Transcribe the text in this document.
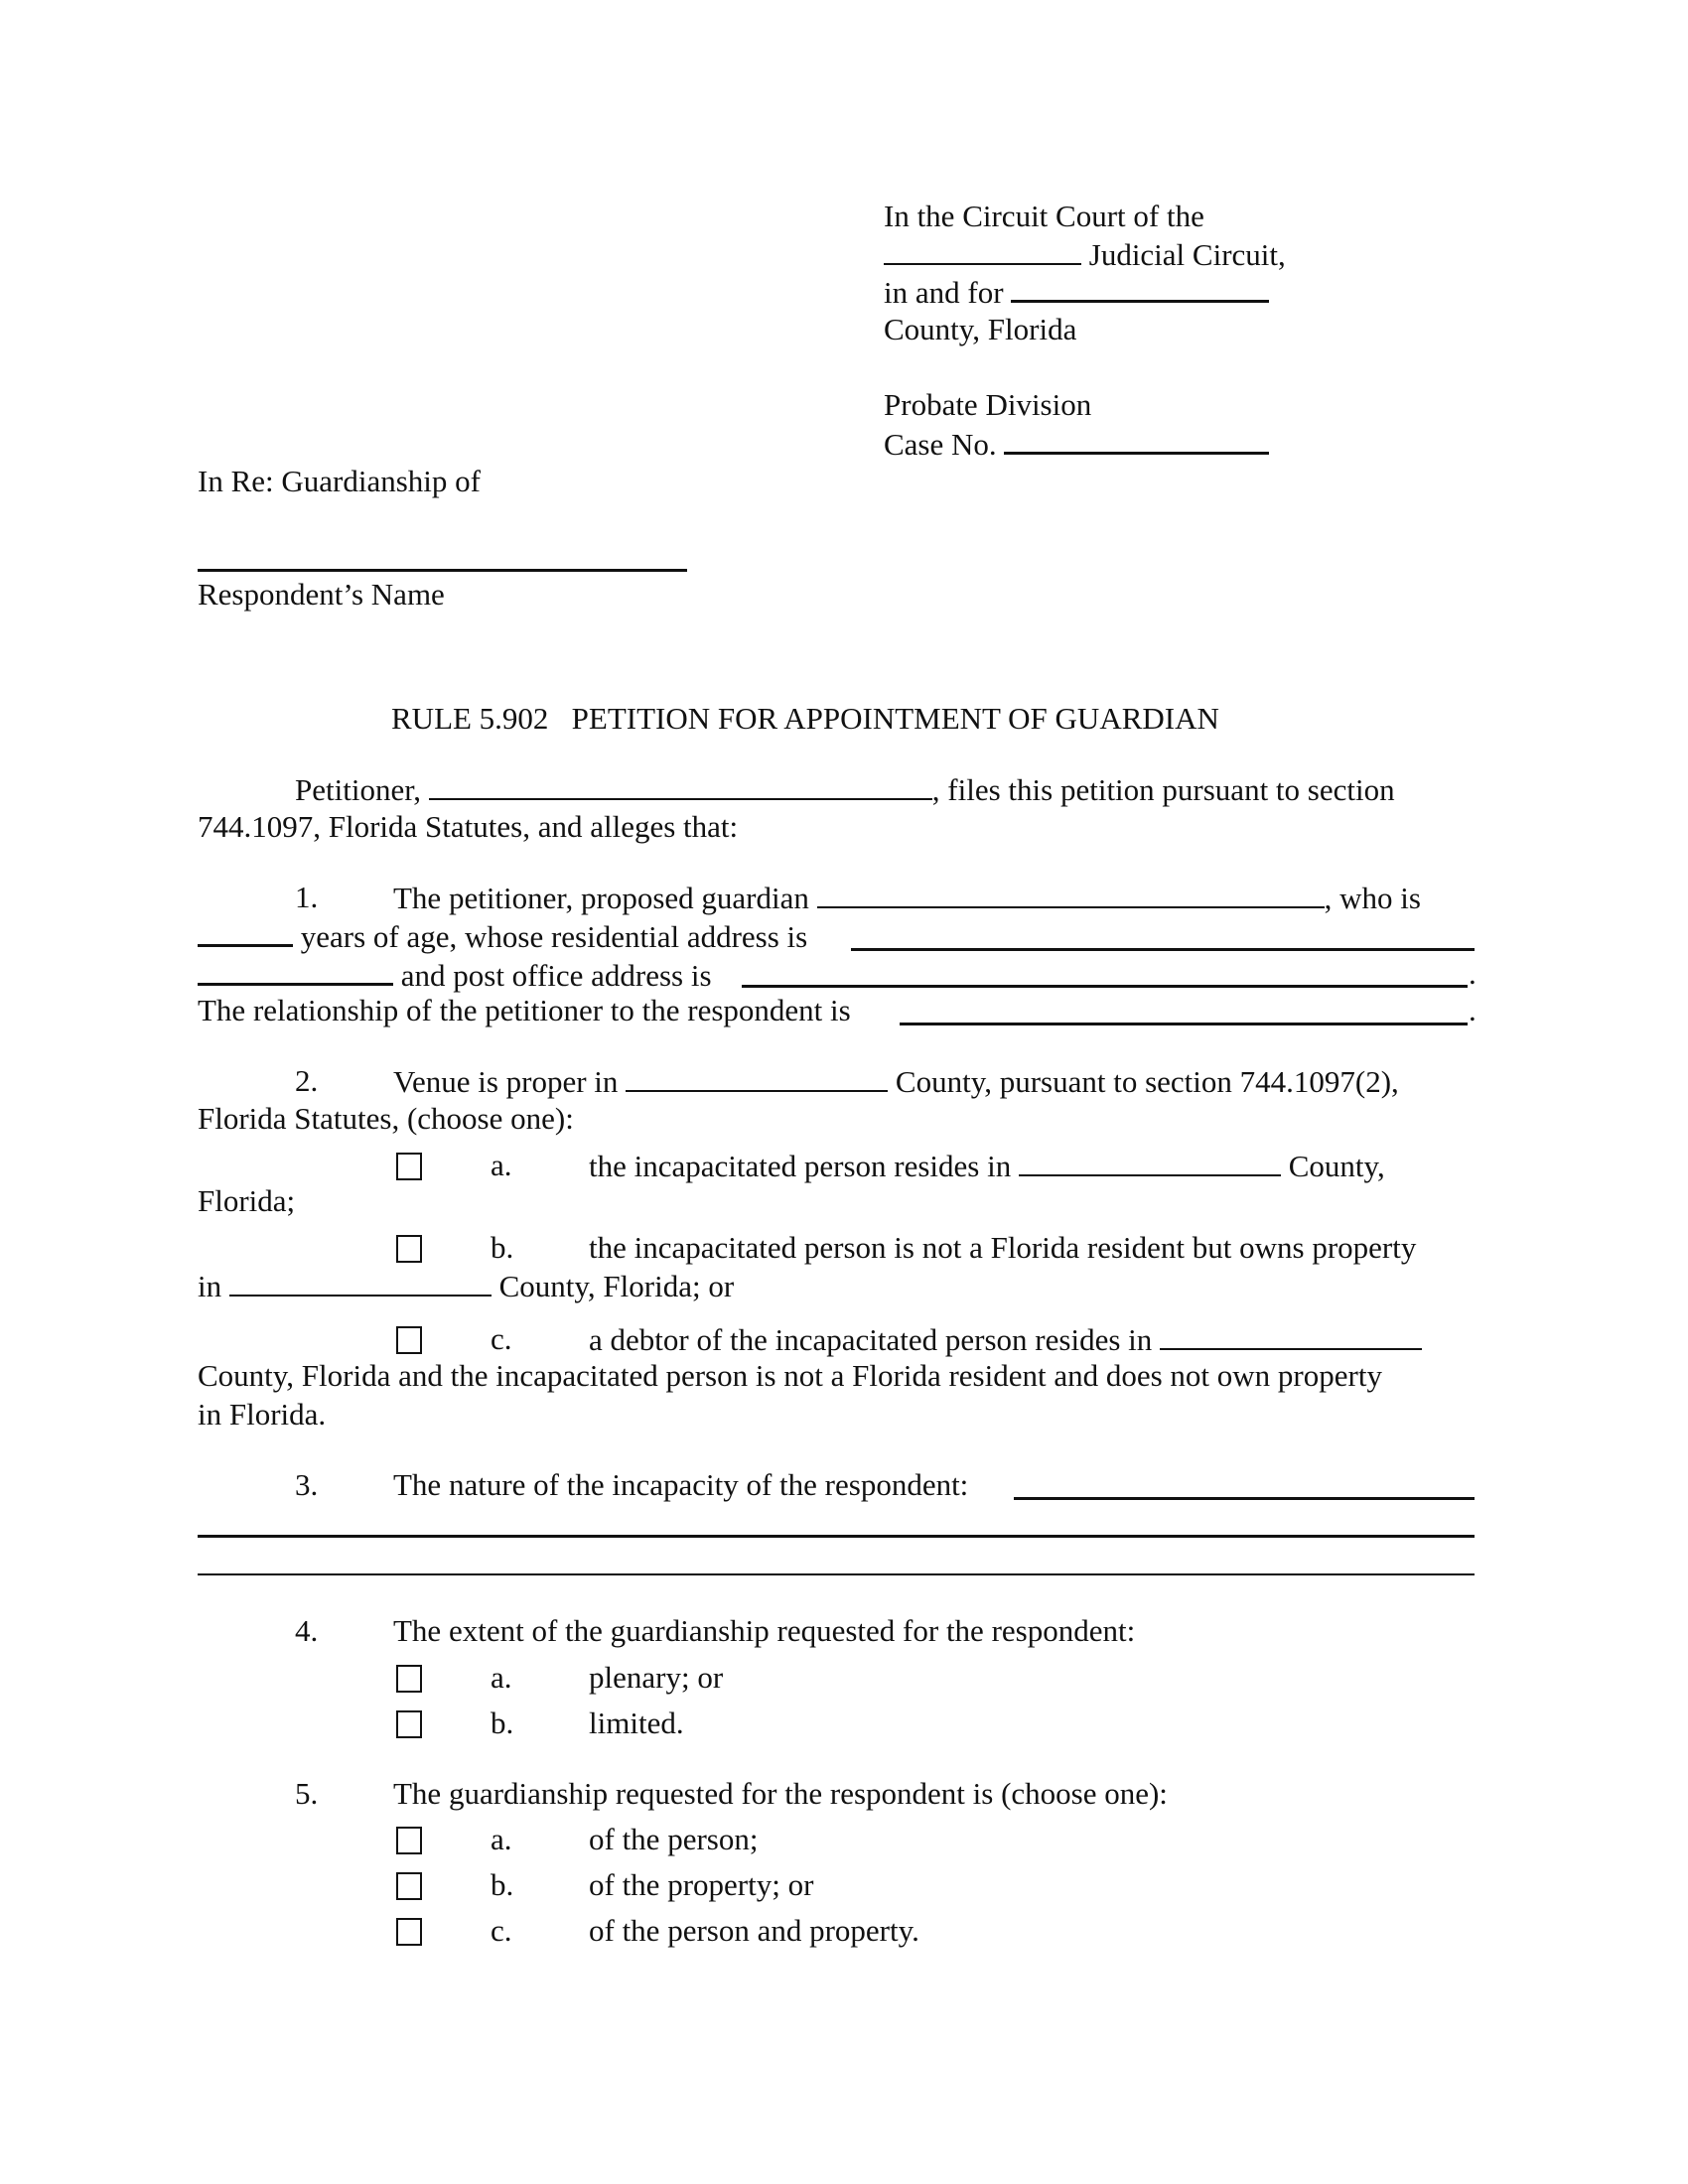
In the Circuit Court of the
Judicial Circuit,
in and for
County, Florida
Probate Division
Case No.
In Re: Guardianship of
Respondent’s Name
RULE 5.902   PETITION FOR APPOINTMENT OF GUARDIAN
Petitioner,	, files this petition pursuant to section
744.1097, Florida Statutes, and alleges that:
1. The petitioner, proposed guardian	, who is
years of age, whose residential address is
and post office address is	.
The relationship of the petitioner to the respondent is	.
2. Venue is proper in	County, pursuant to section 744.1097(2),
Florida Statutes, (choose one):
a. the incapacitated person resides in	County,
Florida;
b. the incapacitated person is not a Florida resident but owns property
in	County, Florida; or
c. a debtor of the incapacitated person resides in
County, Florida and the incapacitated person is not a Florida resident and does not own property
in Florida.
3. The nature of the incapacity of the respondent:
4. The extent of the guardianship requested for the respondent:
a. plenary; or
b. limited.
5. The guardianship requested for the respondent is (choose one):
a. of the person;
b. of the property; or
c. of the person and property.
